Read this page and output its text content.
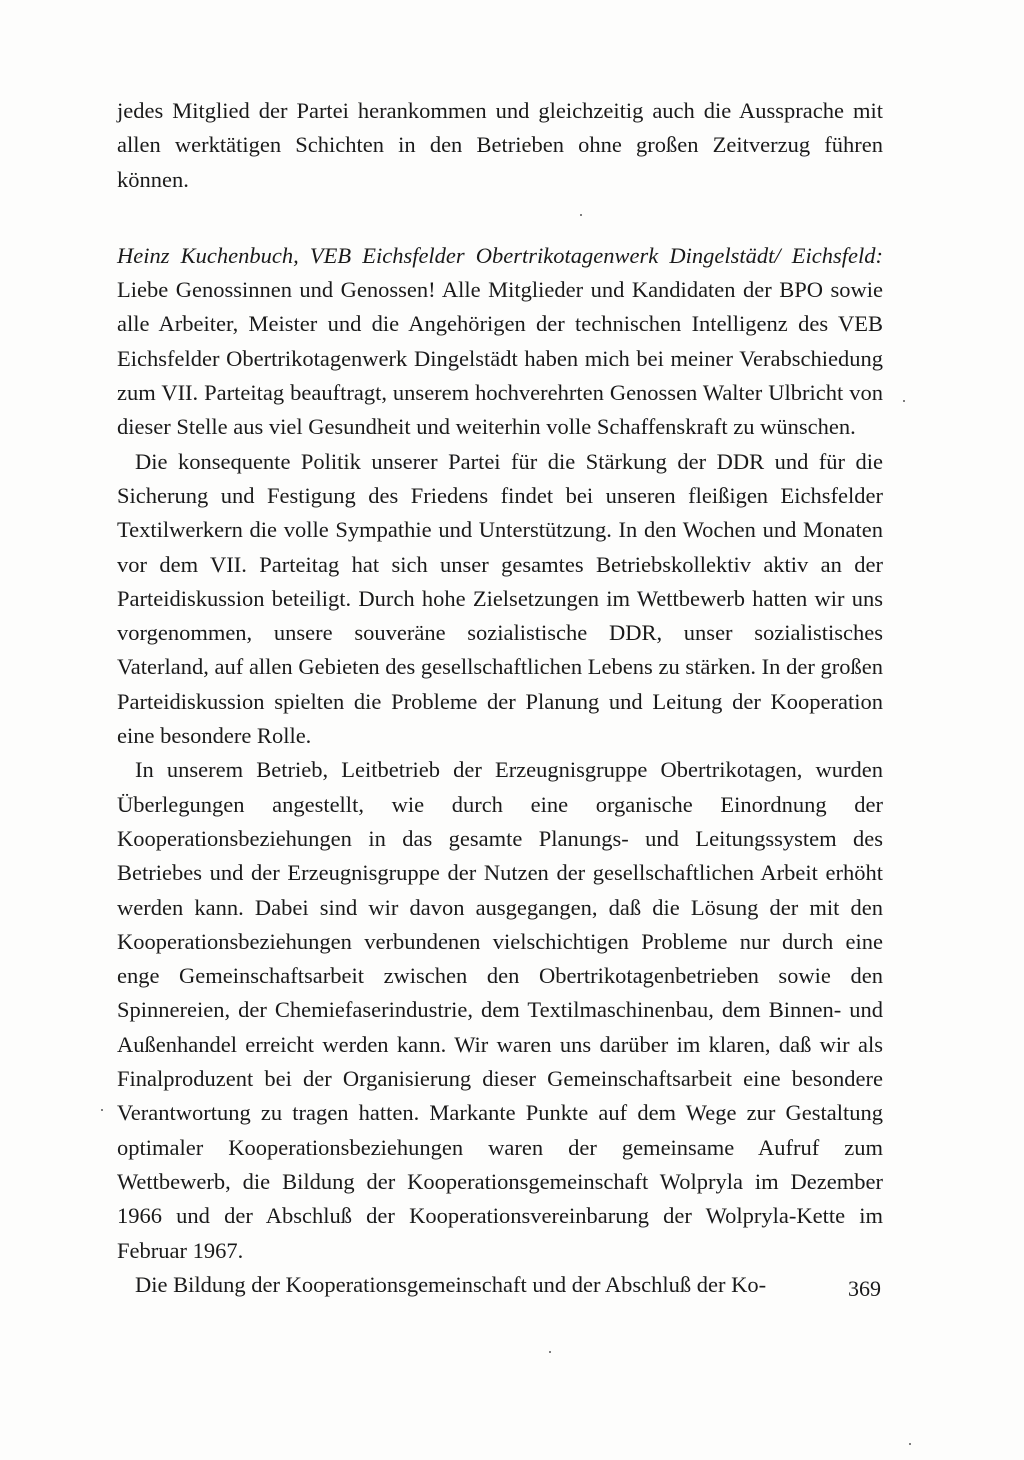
jedes Mitglied der Partei herankommen und gleichzeitig auch die Aussprache mit allen werktätigen Schichten in den Betrieben ohne großen Zeitverzug führen können.

Heinz Kuchenbuch, VEB Eichsfelder Obertrikotagenwerk Dingelstädt/ Eichsfeld: Liebe Genossinnen und Genossen! Alle Mitglieder und Kandidaten der BPO sowie alle Arbeiter, Meister und die Angehörigen der technischen Intelligenz des VEB Eichsfelder Obertrikotagenwerk Dingelstädt haben mich bei meiner Verabschiedung zum VII. Parteitag beauftragt, unserem hochverehrten Genossen Walter Ulbricht von dieser Stelle aus viel Gesundheit und weiterhin volle Schaffenskraft zu wünschen.

Die konsequente Politik unserer Partei für die Stärkung der DDR und für die Sicherung und Festigung des Friedens findet bei unseren fleißigen Eichsfelder Textilwerkern die volle Sympathie und Unterstützung. In den Wochen und Monaten vor dem VII. Parteitag hat sich unser gesamtes Betriebskollektiv aktiv an der Parteidiskussion beteiligt. Durch hohe Zielsetzungen im Wettbewerb hatten wir uns vorgenommen, unsere souveräne sozialistische DDR, unser sozialistisches Vaterland, auf allen Gebieten des gesellschaftlichen Lebens zu stärken. In der großen Parteidiskussion spielten die Probleme der Planung und Leitung der Kooperation eine besondere Rolle.

In unserem Betrieb, Leitbetrieb der Erzeugnisgruppe Obertrikotagen, wurden Überlegungen angestellt, wie durch eine organische Einordnung der Kooperationsbeziehungen in das gesamte Planungs- und Leitungssystem des Betriebes und der Erzeugnisgruppe der Nutzen der gesellschaftlichen Arbeit erhöht werden kann. Dabei sind wir davon ausgegangen, daß die Lösung der mit den Kooperationsbeziehungen verbundenen vielschichtigen Probleme nur durch eine enge Gemeinschaftsarbeit zwischen den Obertrikotagenbetrieben sowie den Spinnereien, der Chemiefaserindustrie, dem Textilmaschinenbau, dem Binnen- und Außenhandel erreicht werden kann. Wir waren uns darüber im klaren, daß wir als Finalproduzent bei der Organisierung dieser Gemeinschaftsarbeit eine besondere Verantwortung zu tragen hatten. Markante Punkte auf dem Wege zur Gestaltung optimaler Kooperationsbeziehungen waren der gemeinsame Aufruf zum Wettbewerb, die Bildung der Kooperationsgemeinschaft Wolpryla im Dezember 1966 und der Abschluß der Kooperationsvereinbarung der Wolpryla-Kette im Februar 1967.

Die Bildung der Kooperationsgemeinschaft und der Abschluß der Ko-	369
